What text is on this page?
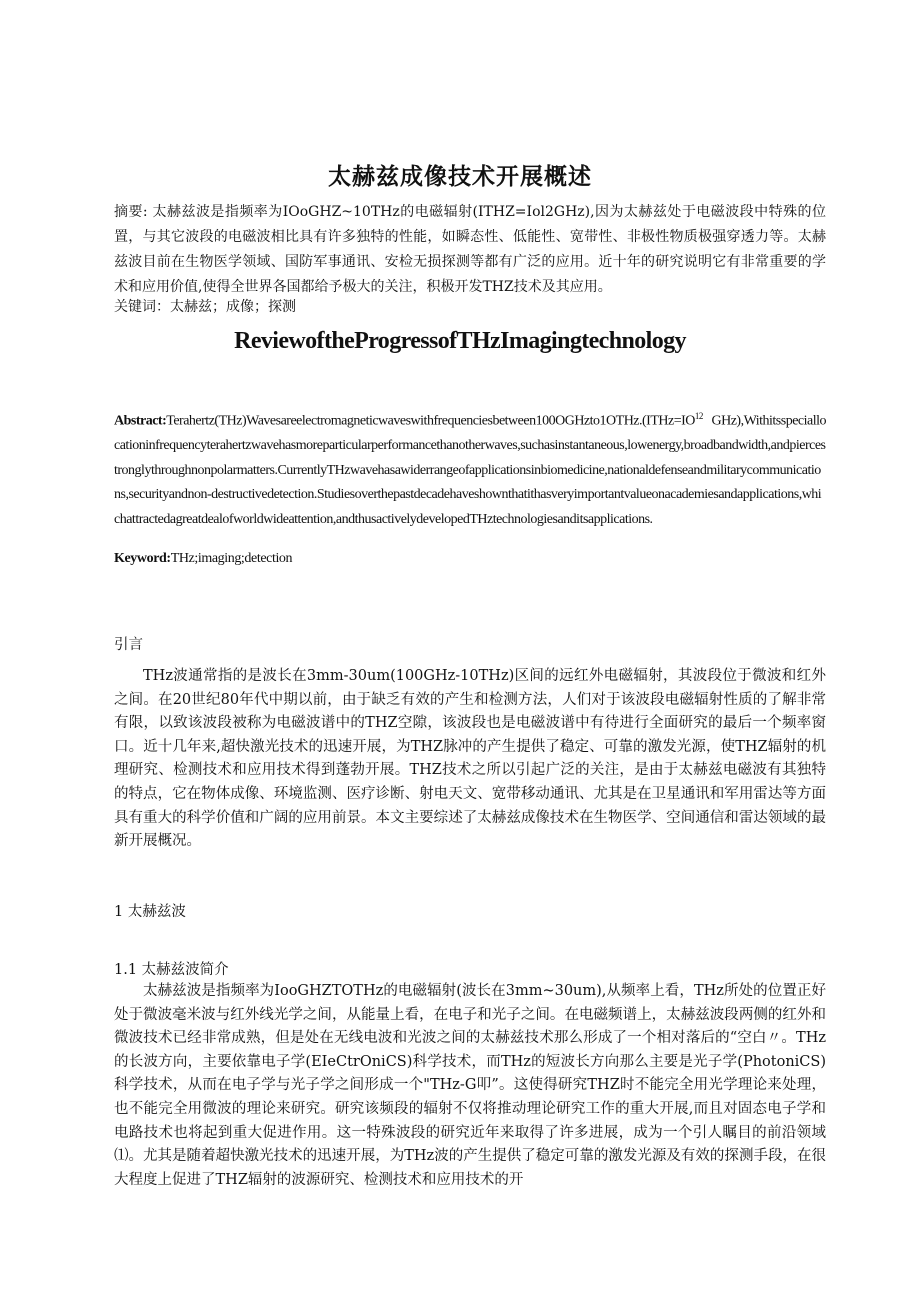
太赫兹成像技术开展概述
摘要: 太赫兹波是指频率为IOoGHZ~10THz的电磁辐射(ITHZ=Iol2GHz),因为太赫兹处于电磁波段中特殊的位置，与其它波段的电磁波相比具有许多独特的性能，如瞬态性、低能性、宽带性、非极性物质极强穿透力等。太赫兹波目前在生物医学领域、国防军事通讯、安检无损探测等都有广泛的应用。近十年的研究说明它有非常重要的学术和应用价值,使得全世界各国都给予极大的关注，积极开发THZ技术及其应用。
关键词：太赫兹；成像；探测
ReviewoftheProgressofTHzImagingtechnology
$Abstract:Terahertz(THz)Wavesareelectromagneticwaveswithfrequenciesbetween100OGHzto1OTHz.(ITHz=IO^{12}$ GHz),Withitsspeciallocationinfrequencyterahertzwavehasmoreparticularperformancethanotherwaves,suchasinstantaneous,lowenergy,broadbandwidth,andpiercestronglythroughnonpolarmatters.CurrentlyTHzwavehasawiderrangeofapplicationsinbiomedicine,nationaldefenseandmilitarycommunications,securityandnon-destructivedetection.Studiesoverthepastdecadehaveshownthatithasveryimportantvalueonacademiesandapplications,whichattractedagreatdealofworldwideattention,andthusactivelydevelopedTHztechnologiesanditsapplications.
Keyword:THz;imaging;detection
引言
THz波通常指的是波长在3mm-30um(100GHz-10THz)区间的远红外电磁辐射，其波段位于微波和红外之间。在20世纪80年代中期以前，由于缺乏有效的产生和检测方法，人们对于该波段电磁辐射性质的了解非常有限，以致该波段被称为电磁波谱中的THZ空隙，该波段也是电磁波谱中有待进行全面研究的最后一个频率窗口。近十几年来,超快激光技术的迅速开展，为THZ脉冲的产生提供了稳定、可靠的激发光源，使THZ辐射的机理研究、检测技术和应用技术得到蓬勃开展。THZ技术之所以引起广泛的关注，是由于太赫兹电磁波有其独特的特点，它在物体成像、环境监测、医疗诊断、射电天文、宽带移动通讯、尤其是在卫星通讯和军用雷达等方面具有重大的科学价值和广阔的应用前景。本文主要综述了太赫兹成像技术在生物医学、空间通信和雷达领域的最新开展概况。
1 太赫兹波
1.1 太赫兹波简介
太赫兹波是指频率为IooGHZTOTHz的电磁辐射(波长在3mm~30um),从频率上看，THz所处的位置正好处于微波毫米波与红外线光学之间，从能量上看，在电子和光子之间。在电磁频谱上，太赫兹波段两侧的红外和微波技术已经非常成熟，但是处在无线电波和光波之间的太赫兹技术那么形成了一个相对落后的“空白〃。THz的长波方向，主要依靠电子学(EIeCtrOniCS)科学技术，而THz的短波长方向那么主要是光子学(PhotoniCS)科学技术，从而在电子学与光子学之间形成一个"THz-G叩”。这使得研究THZ时不能完全用光学理论来处理，也不能完全用微波的理论来研究。研究该频段的辐射不仅将推动理论研究工作的重大开展,而且对固态电子学和电路技术也将起到重大促进作用。这一特殊波段的研究近年来取得了许多进展，成为一个引人瞩目的前沿领域⑴。尤其是随着超快激光技术的迅速开展，为THz波的产生提供了稳定可靠的激发光源及有效的探测手段，在很大程度上促进了THZ辐射的波源研究、检测技术和应用技术的开
